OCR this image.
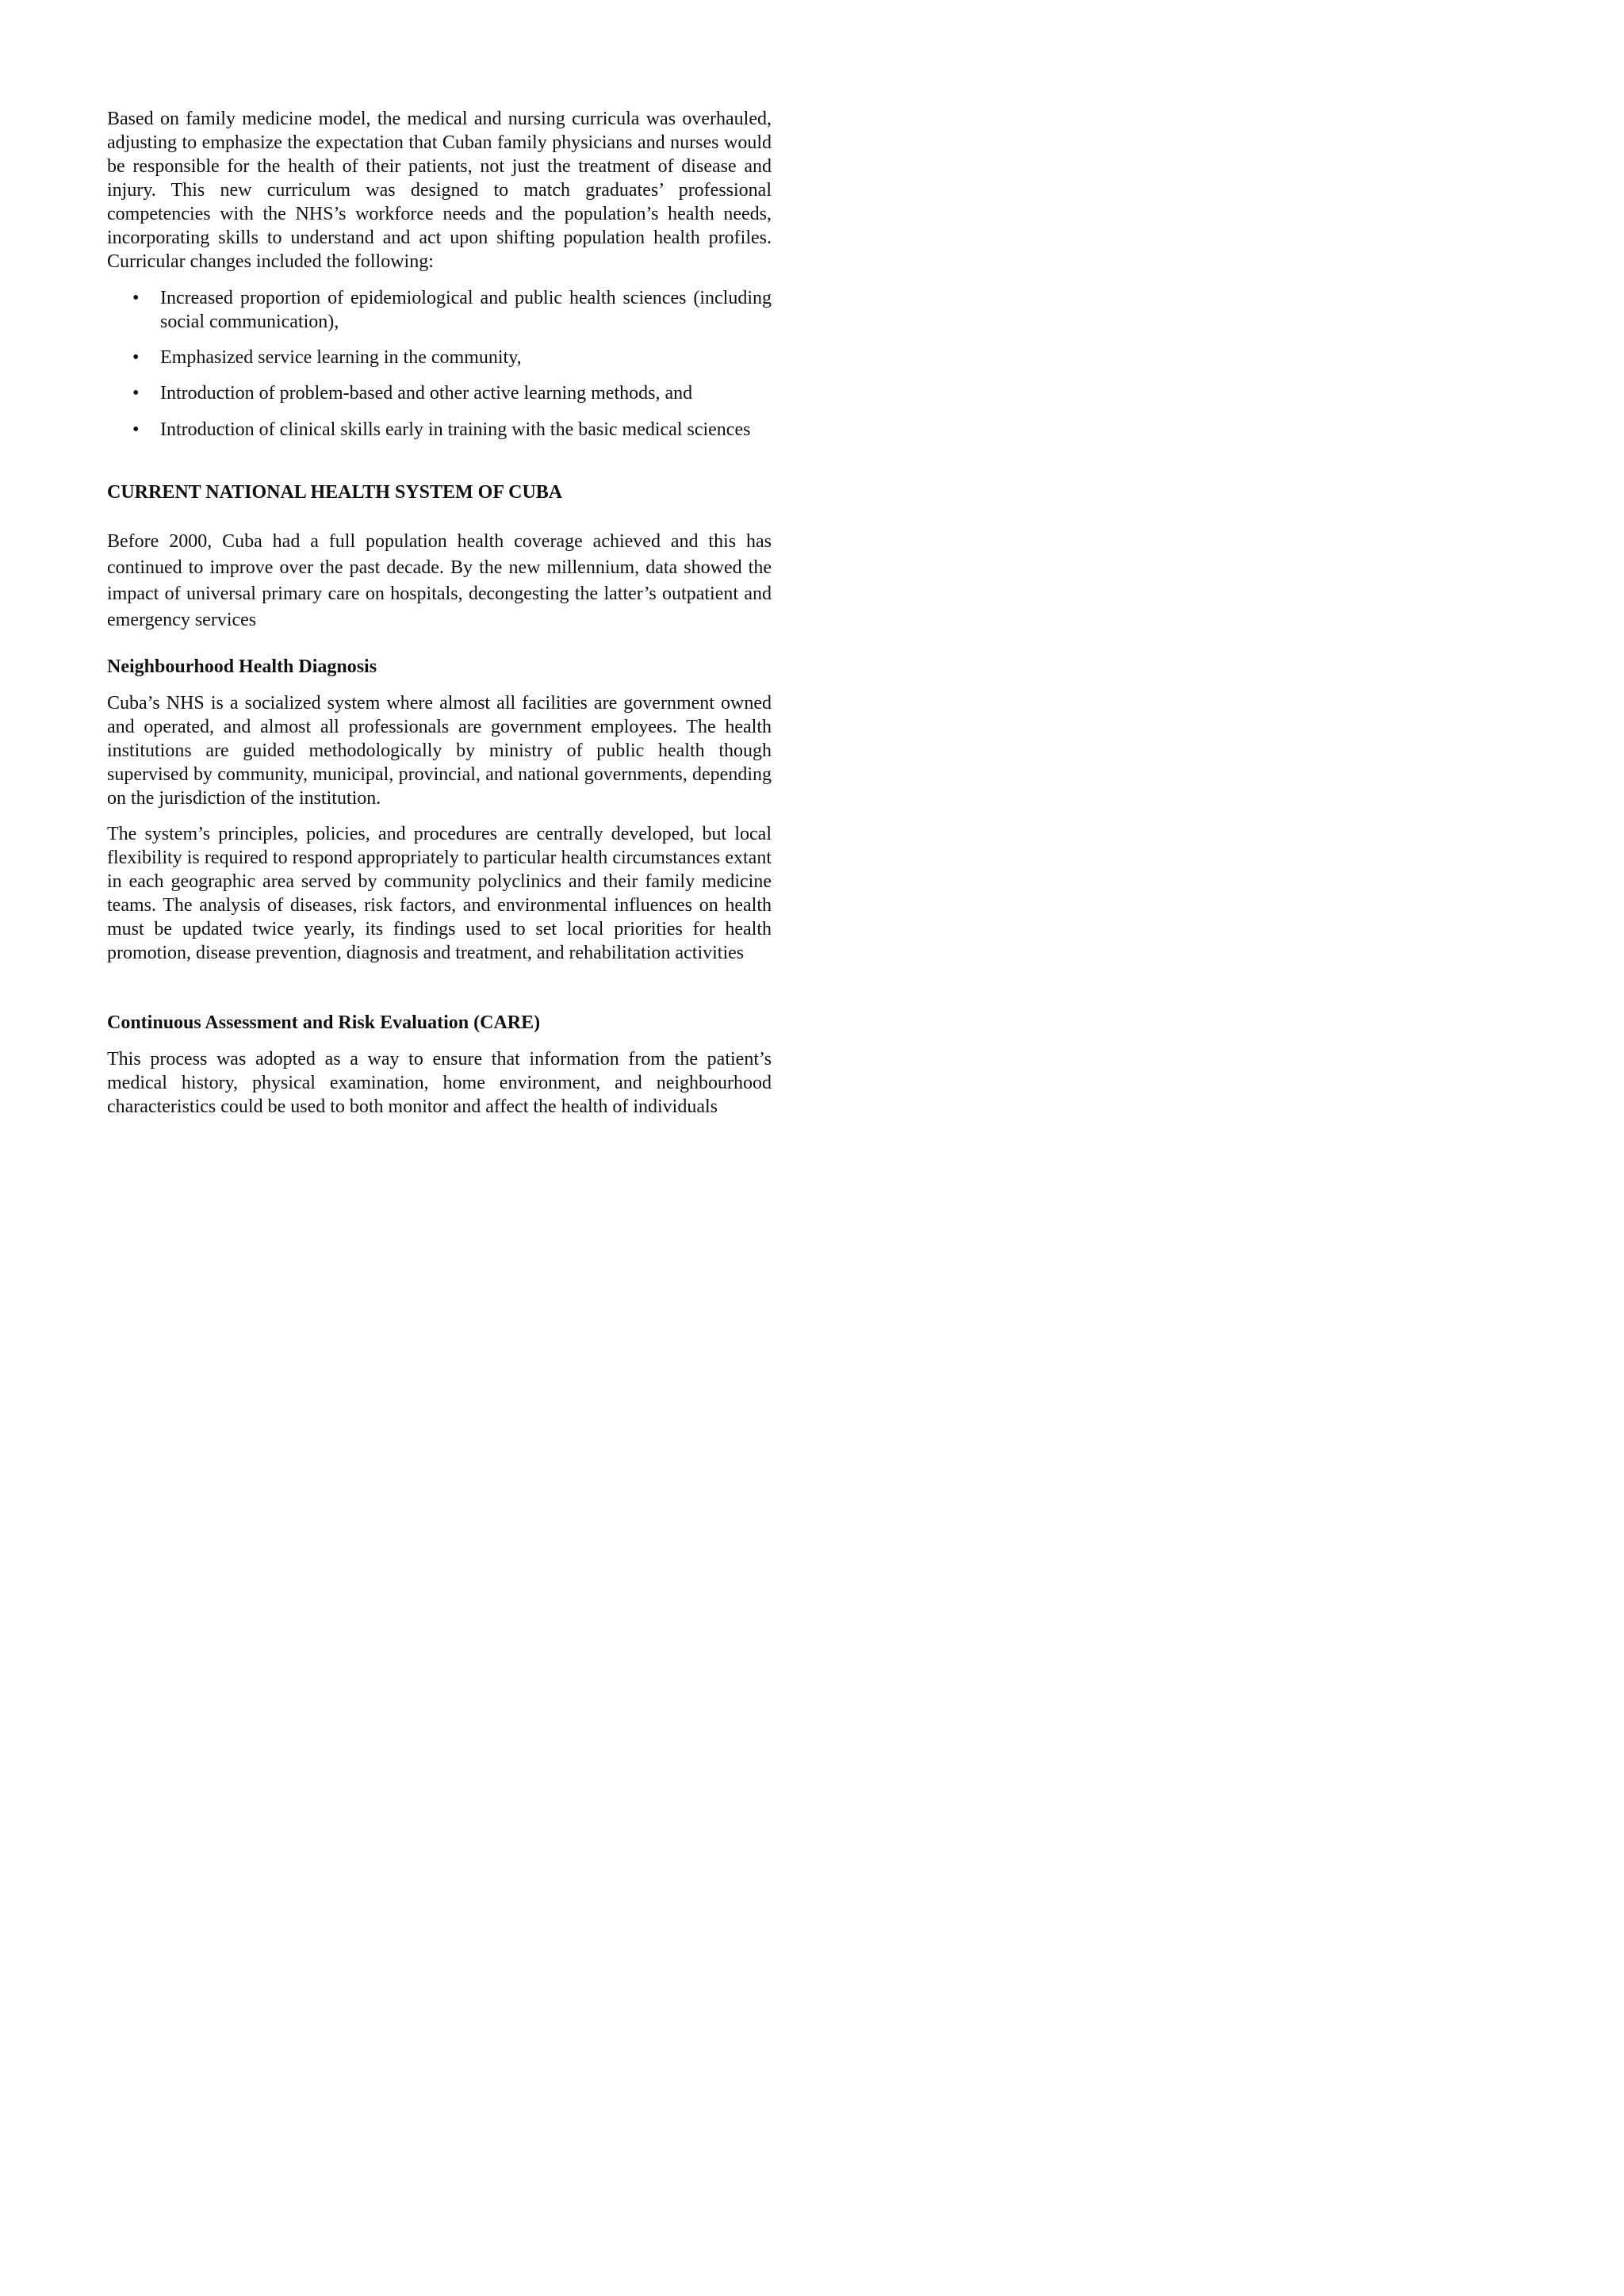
Based on family medicine model, the medical and nursing curricula was overhauled, adjusting to emphasize the expectation that Cuban family physicians and nurses would be responsible for the health of their patients, not just the treatment of disease and injury. This new curriculum was designed to match graduates’ professional competencies with the NHS’s workforce needs and the population’s health needs, incorporating skills to understand and act upon shifting population health profiles. Curricular changes included the following:

• Increased proportion of epidemiological and public health sciences (including social communication),
• Emphasized service learning in the community,
• Introduction of problem-based and other active learning methods, and
• Introduction of clinical skills early in training with the basic medical sciences
CURRENT NATIONAL HEALTH SYSTEM OF CUBA

Before 2000, Cuba had a full population health coverage achieved and this has continued to improve over the past decade. By the new millennium, data showed the impact of universal primary care on hospitals, decongesting the latter’s outpatient and emergency services

Neighbourhood Health Diagnosis

Cuba’s NHS is a socialized system where almost all facilities are government owned and operated, and almost all professionals are government employees. The health institutions are guided methodologically by ministry of public health though supervised by community, municipal, provincial, and national governments, depending on the jurisdiction of the institution.

The system’s principles, policies, and procedures are centrally developed, but local flexibility is required to respond appropriately to particular health circumstances extant in each geographic area served by community polyclinics and their family medicine teams. The analysis of diseases, risk factors, and environmental influences on health must be updated twice yearly, its findings used to set local priorities for health promotion, disease prevention, diagnosis and treatment, and rehabilitation activities

Continuous Assessment and Risk Evaluation (CARE)

This process was adopted as a way to ensure that information from the patient’s medical history, physical examination, home environment, and neighbourhood characteristics could be used to both monitor and affect the health of individuals
